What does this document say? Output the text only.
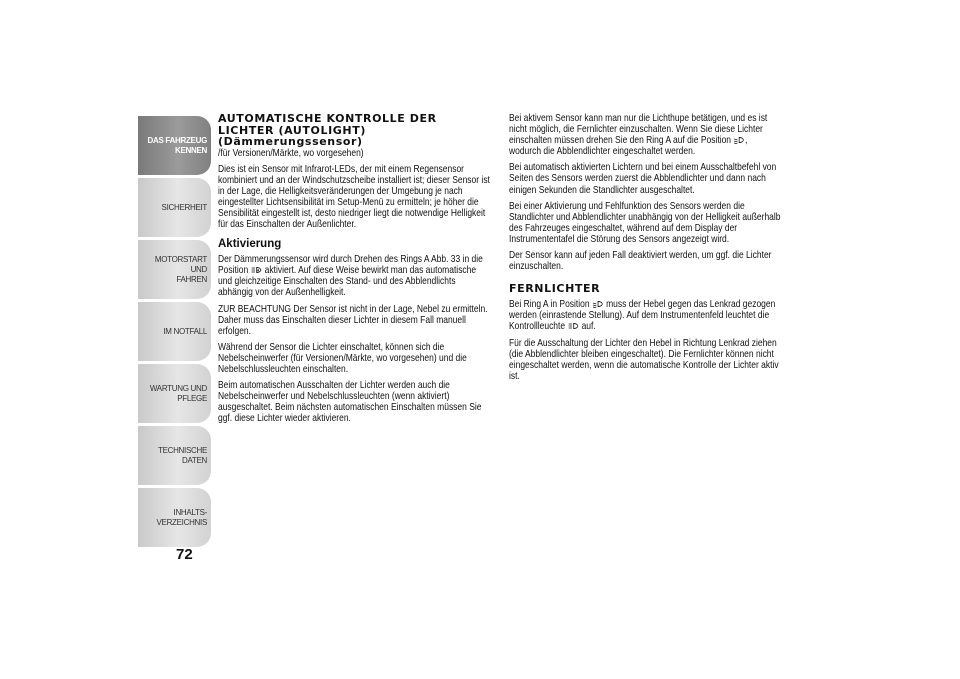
DAS FAHRZEUG
KENNEN
SICHERHEIT
MOTORSTART UND
FAHREN
IM NOTFALL
WARTUNG UND
PFLEGE
TECHNISCHE DATEN
INHALTS-
VERZEICHNIS
72
AUTOMATISCHE KONTROLLE DER
LICHTER (AUTOLIGHT)
(Dämmerungssensor)

/für Versionen/Märkte, wo vorgesehen)

Dies ist ein Sensor mit Infrarot-LEDs, der mit einem Regensensor kombiniert und an der Windschutzscheibe installiert ist; dieser Sensor ist in der Lage, die Helligkeitsveränderungen der Umgebung je nach eingestellter Lichtsensibilität im Setup-Menü zu ermitteln; je höher die Sensibilität eingestellt ist, desto niedriger liegt die notwendige Helligkeit für das Einschalten der Außenlichter.

Aktivierung

Der Dämmerungssensor wird durch Drehen des Rings A Abb. 33 in die Position	A aktiviert. Auf diese Weise bewirkt man das automatische und gleichzeitige Einschalten des Stand- und des Abblendlichts abhängig von der Außenhelligkeit.

ZUR BEACHTUNG Der Sensor ist nicht in der Lage, Nebel zu ermitteln. Daher muss das Einschalten dieser Lichter in diesem Fall manuell erfolgen.

Während der Sensor die Lichter einschaltet, können sich die Nebelscheinwerfer (für Versionen/Märkte, wo vorgesehen) und die Nebelschlussleuchten einschalten.

Beim automatischen Ausschalten der Lichter werden auch die Nebelscheinwerfer und Nebelschlussleuchten (wenn aktiviert) ausgeschaltet. Beim nächsten automatischen Einschalten müssen Sie ggf. diese Lichter wieder aktivieren.

Bei aktivem Sensor kann man nur die Lichthupe betätigen, und es ist nicht möglich, die Fernlichter einzuschalten. Wenn Sie diese Lichter einschalten müssen drehen Sie den Ring A auf die Position , wodurch die Abblendlichter eingeschaltet werden.

Bei automatisch aktivierten Lichtern und bei einem Ausschaltbefehl von Seiten des Sensors werden zuerst die Abblendlichter und dann nach einigen Sekunden die Standlichter ausgeschaltet.

Bei einer Aktivierung und Fehlfunktion des Sensors werden die Standlichter und Abblendlichter unabhängig von der Helligkeit außerhalb des Fahrzeuges eingeschaltet, während auf dem Display der Instrumententafel die Störung des Sensors angezeigt wird.

Der Sensor kann auf jeden Fall deaktiviert werden, um ggf. die Lichter einzuschalten.

FERNLICHTER

Bei Ring A in Position muss der Hebel gegen das Lenkrad gezogen werden (einrastende Stellung). Auf dem Instrumentenfeld leuchtet die Kontrollleuchte auf.

Für die Ausschaltung der Lichter den Hebel in Richtung Lenkrad ziehen (die Abblendlichter bleiben eingeschaltet). Die Fernlichter können nicht eingeschaltet werden, wenn die automatische Kontrolle der Lichter aktiv ist.
